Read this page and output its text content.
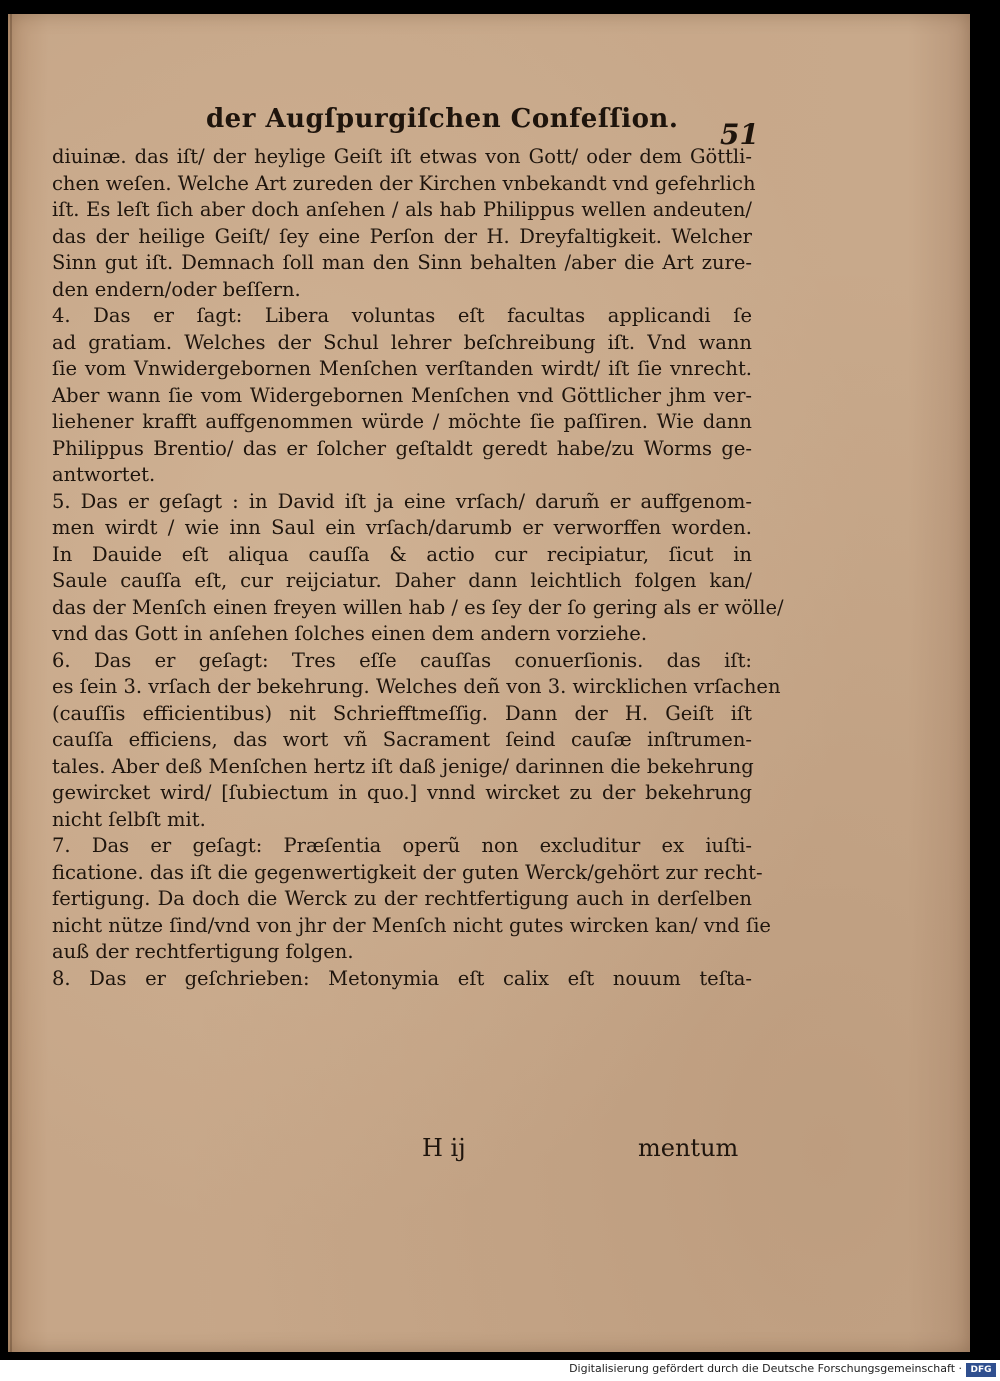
der Augſpurgiſchen Confeſſion. 51
diuinæ. das iſt/ der heylige Geiſt iſt etwas von Gott/ oder dem Göttli-
chen weſen. Welche Art zureden der Kirchen vnbekandt vnd gefehrlich
iſt. Es leſt ſich aber doch anſehen / als hab Philippus wellen andeuten/
das der heilige Geiſt/ ſey eine Perſon der H. Dreyfaltigkeit. Welcher
Sinn gut iſt. Demnach ſoll man den Sinn behalten /aber die Art zure-
den endern/oder beſſern.
4. Das er ſagt: Libera voluntas eſt facultas applicandi ſe
ad gratiam. Welches der Schul lehrer beſchreibung iſt. Vnd wann
ſie vom Vnwidergebornen Menſchen verſtanden wirdt/ iſt ſie vnrecht.
Aber wann ſie vom Widergebornen Menſchen vnd Göttlicher jhm ver-
liehener krafft auffgenommen würde / möchte ſie paſſiren. Wie dann
Philippus Brentio/ das er ſolcher geſtaldt geredt habe/zu Worms ge-
antwortet.
5. Das er geſagt : in David iſt ja eine vrſach/ darum̃ er auffgenom-
men wirdt / wie inn Saul ein vrſach/darumb er verworffen worden.
In Dauide eſt aliqua cauſſa & actio cur recipiatur, ſicut in
Saule cauſſa eſt, cur reijciatur. Daher dann leichtlich folgen kan/
das der Menſch einen freyen willen hab / es ſey der ſo gering als er wölle/
vnd das Gott in anſehen ſolches einen dem andern vorziehe.
6. Das er geſagt: Tres eſſe cauſſas conuerſionis. das iſt:
es ſein 3. vrſach der bekehrung. Welches deñ von 3. wircklichen vrſachen
(cauſſis efficientibus) nit Schriefftmeſſig. Dann der H. Geiſt iſt
cauſſa efficiens, das wort vñ Sacrament ſeind cauſæ inſtrumen-
tales. Aber deß Menſchen hertz iſt daß jenige/ darinnen die bekehrung
gewircket wird/ [ſubiectum in quo.] vnnd wircket zu der bekehrung
nicht ſelbſt mit.
7. Das er geſagt: Præſentia operũ non excluditur ex iuſti-
ficatione. das iſt die gegenwertigkeit der guten Werck/gehört zur recht-
fertigung. Da doch die Werck zu der rechtfertigung auch in derſelben
nicht nütze ſind/vnd von jhr der Menſch nicht gutes wircken kan/ vnd ſie
auß der rechtfertigung folgen.
8. Das er geſchrieben: Metonymia eſt calix eſt nouum teſta-
H ij	mentum
Digitalisierung gefördert durch die Deutsche Forschungsgemeinschaft · DFG
